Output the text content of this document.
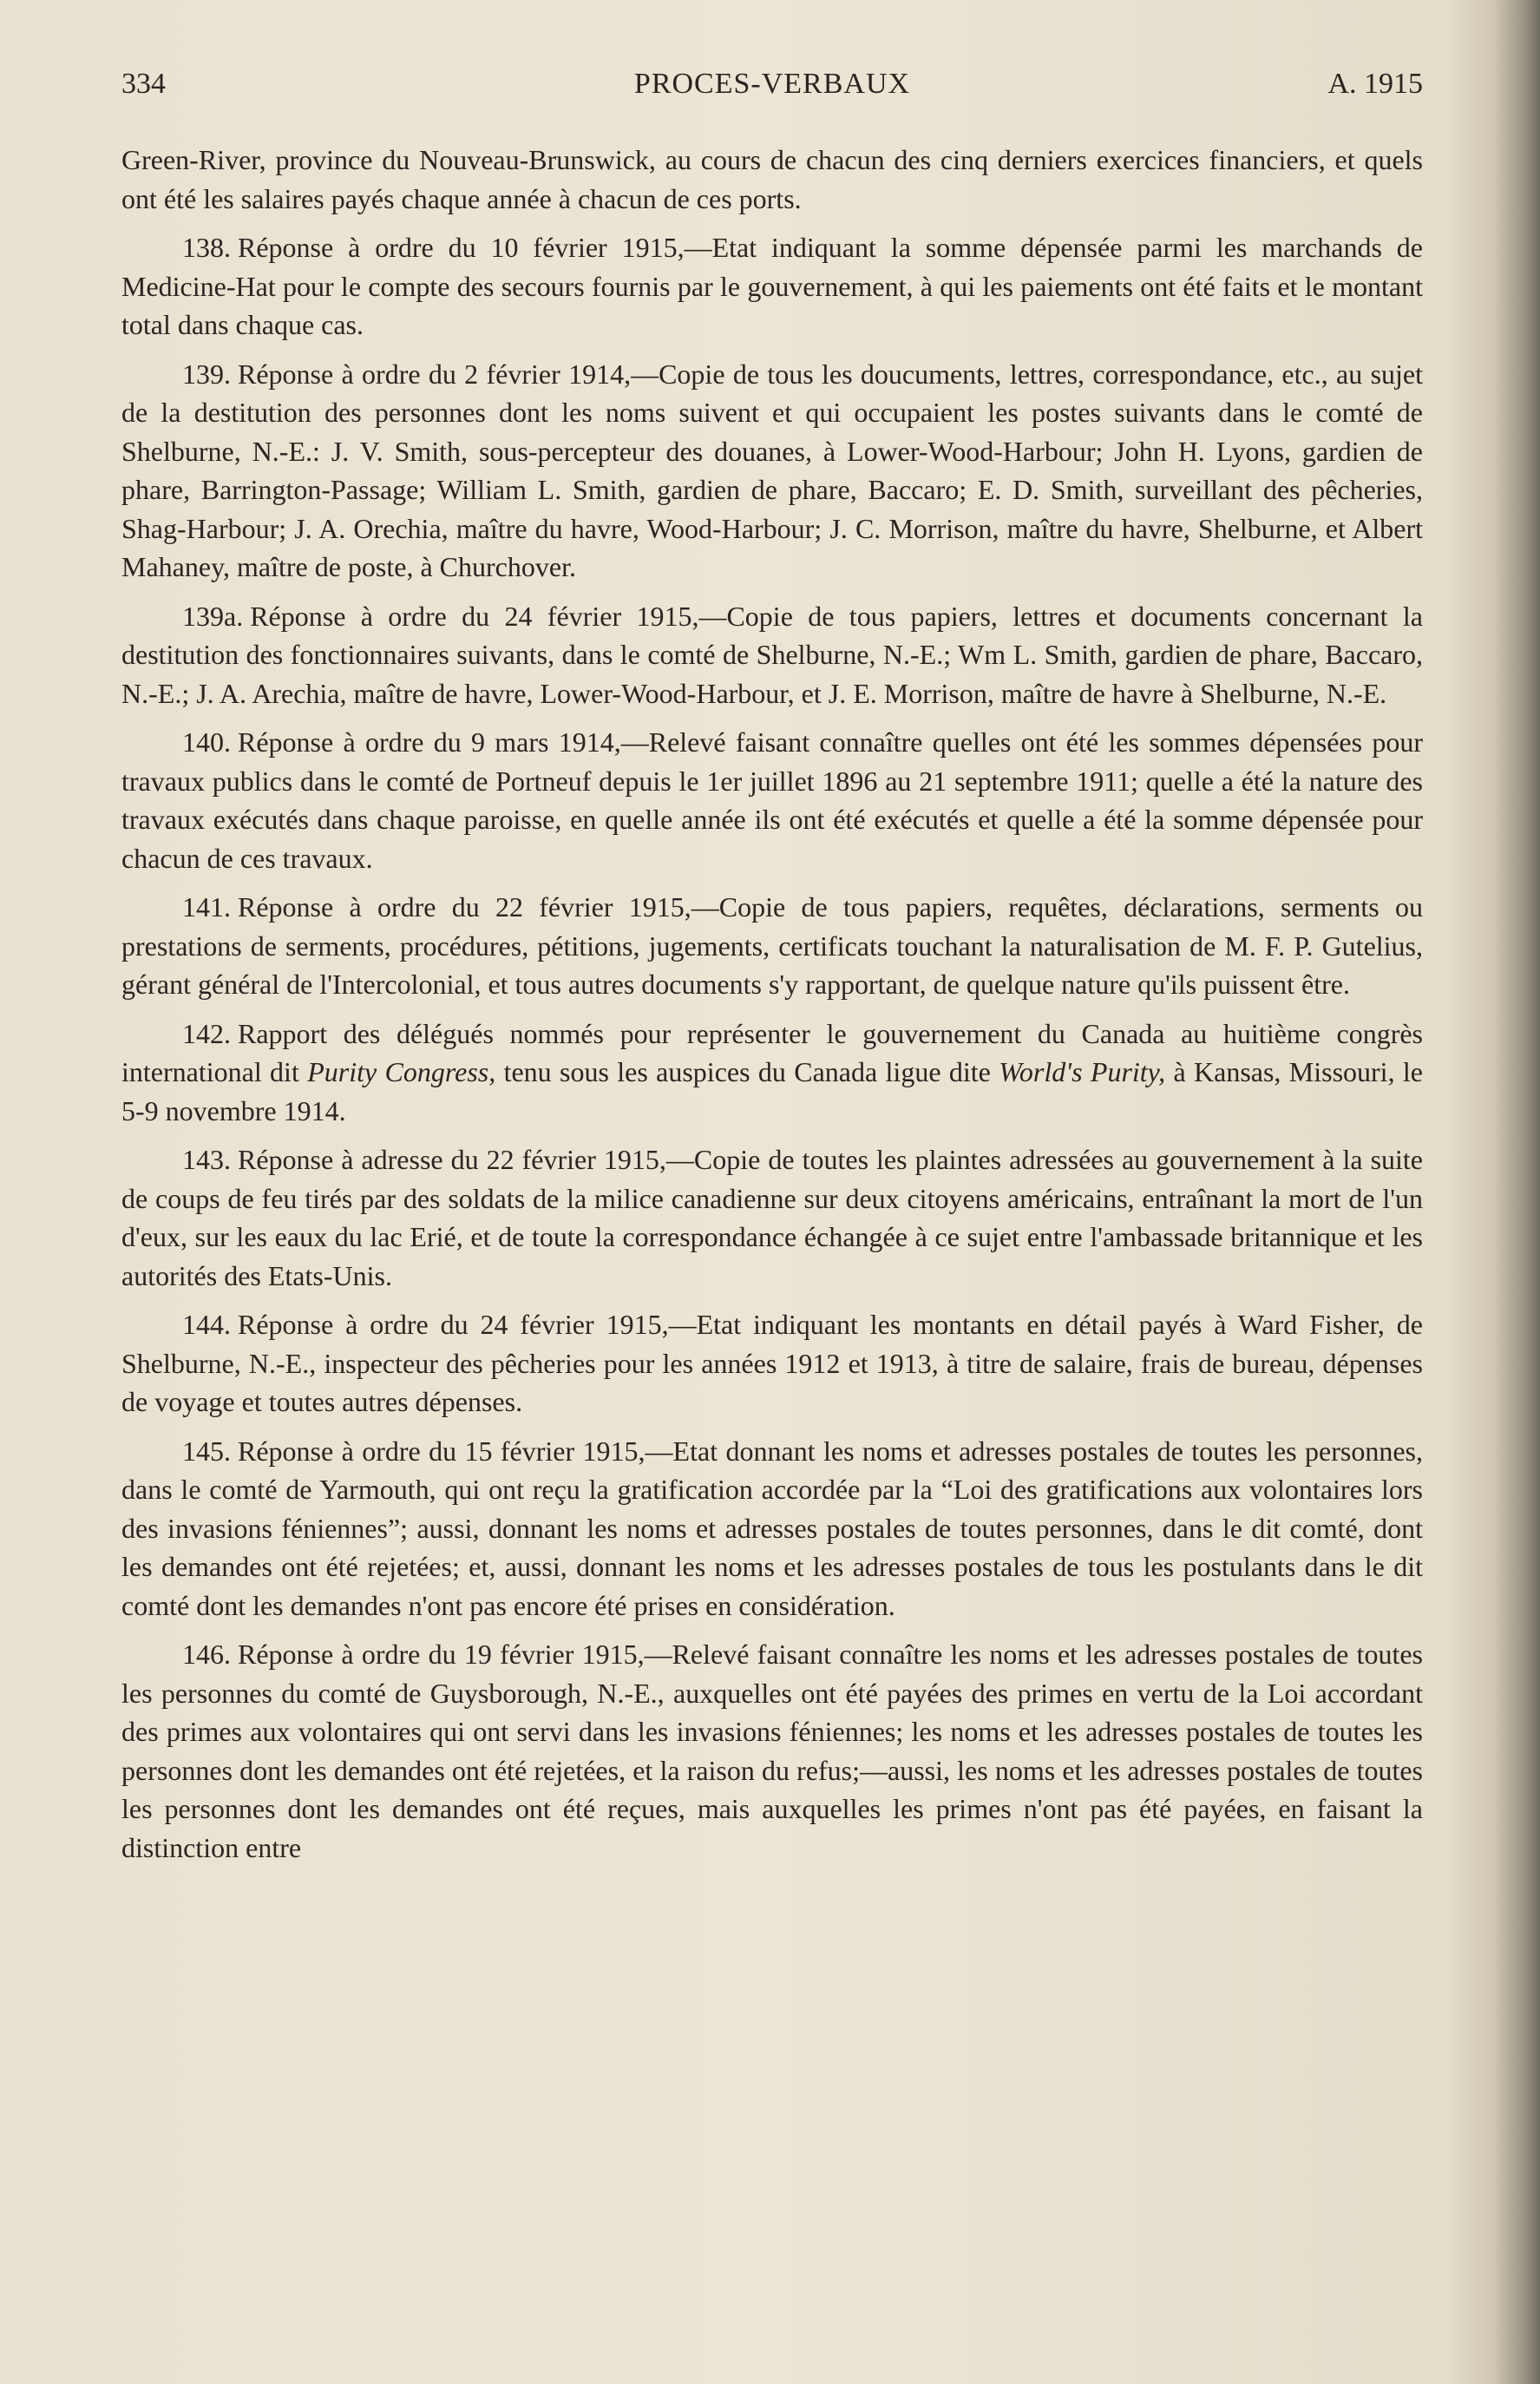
334	PROCES-VERBAUX	A. 1915

Green-River, province du Nouveau-Brunswick, au cours de chacun des cinq derniers exercices financiers, et quels ont été les salaires payés chaque année à chacun de ces ports.

138. Réponse à ordre du 10 février 1915,—Etat indiquant la somme dépensée parmi les marchands de Medicine-Hat pour le compte des secours fournis par le gouvernement, à qui les paiements ont été faits et le montant total dans chaque cas.

139. Réponse à ordre du 2 février 1914,—Copie de tous les doucuments, lettres, correspondance, etc., au sujet de la destitution des personnes dont les noms suivent et qui occupaient les postes suivants dans le comté de Shelburne, N.-E.: J. V. Smith, sous-percepteur des douanes, à Lower-Wood-Harbour; John H. Lyons, gardien de phare, Barrington-Passage; William L. Smith, gardien de phare, Baccaro; E. D. Smith, surveillant des pêcheries, Shag-Harbour; J. A. Orechia, maître du havre, Wood-Harbour; J. C. Morrison, maître du havre, Shelburne, et Albert Mahaney, maître de poste, à Churchover.

139a. Réponse à ordre du 24 février 1915,—Copie de tous papiers, lettres et documents concernant la destitution des fonctionnaires suivants, dans le comté de Shelburne, N.-E.; Wm L. Smith, gardien de phare, Baccaro, N.-E.; J. A. Arechia, maître de havre, Lower-Wood-Harbour, et J. E. Morrison, maître de havre à Shelburne, N.-E.

140. Réponse à ordre du 9 mars 1914,—Relevé faisant connaître quelles ont été les sommes dépensées pour travaux publics dans le comté de Portneuf depuis le 1er juillet 1896 au 21 septembre 1911; quelle a été la nature des travaux exécutés dans chaque paroisse, en quelle année ils ont été exécutés et quelle a été la somme dépensée pour chacun de ces travaux.

141. Réponse à ordre du 22 février 1915,—Copie de tous papiers, requêtes, déclarations, serments ou prestations de serments, procédures, pétitions, jugements, certificats touchant la naturalisation de M. F. P. Gutelius, gérant général de l'Intercolonial, et tous autres documents s'y rapportant, de quelque nature qu'ils puissent être.

142. Rapport des délégués nommés pour représenter le gouvernement du Canada au huitième congrès international dit Purity Congress, tenu sous les auspices du Canada ligue dite World's Purity, à Kansas, Missouri, le 5-9 novembre 1914.

143. Réponse à adresse du 22 février 1915,—Copie de toutes les plaintes adressées au gouvernement à la suite de coups de feu tirés par des soldats de la milice canadienne sur deux citoyens américains, entraînant la mort de l'un d'eux, sur les eaux du lac Erié, et de toute la correspondance échangée à ce sujet entre l'ambassade britannique et les autorités des Etats-Unis.

144. Réponse à ordre du 24 février 1915,—Etat indiquant les montants en détail payés à Ward Fisher, de Shelburne, N.-E., inspecteur des pêcheries pour les années 1912 et 1913, à titre de salaire, frais de bureau, dépenses de voyage et toutes autres dépenses.

145. Réponse à ordre du 15 février 1915,—Etat donnant les noms et adresses postales de toutes les personnes, dans le comté de Yarmouth, qui ont reçu la gratification accordée par la “Loi des gratifications aux volontaires lors des invasions féniennes”; aussi, donnant les noms et adresses postales de toutes personnes, dans le dit comté, dont les demandes ont été rejetées; et, aussi, donnant les noms et les adresses postales de tous les postulants dans le dit comté dont les demandes n'ont pas encore été prises en considération.

146. Réponse à ordre du 19 février 1915,—Relevé faisant connaître les noms et les adresses postales de toutes les personnes du comté de Guysborough, N.-E., auxquelles ont été payées des primes en vertu de la Loi accordant des primes aux volontaires qui ont servi dans les invasions féniennes; les noms et les adresses postales de toutes les personnes dont les demandes ont été rejetées, et la raison du refus;—aussi, les noms et les adresses postales de toutes les personnes dont les demandes ont été reçues, mais auxquelles les primes n'ont pas été payées, en faisant la distinction entre
